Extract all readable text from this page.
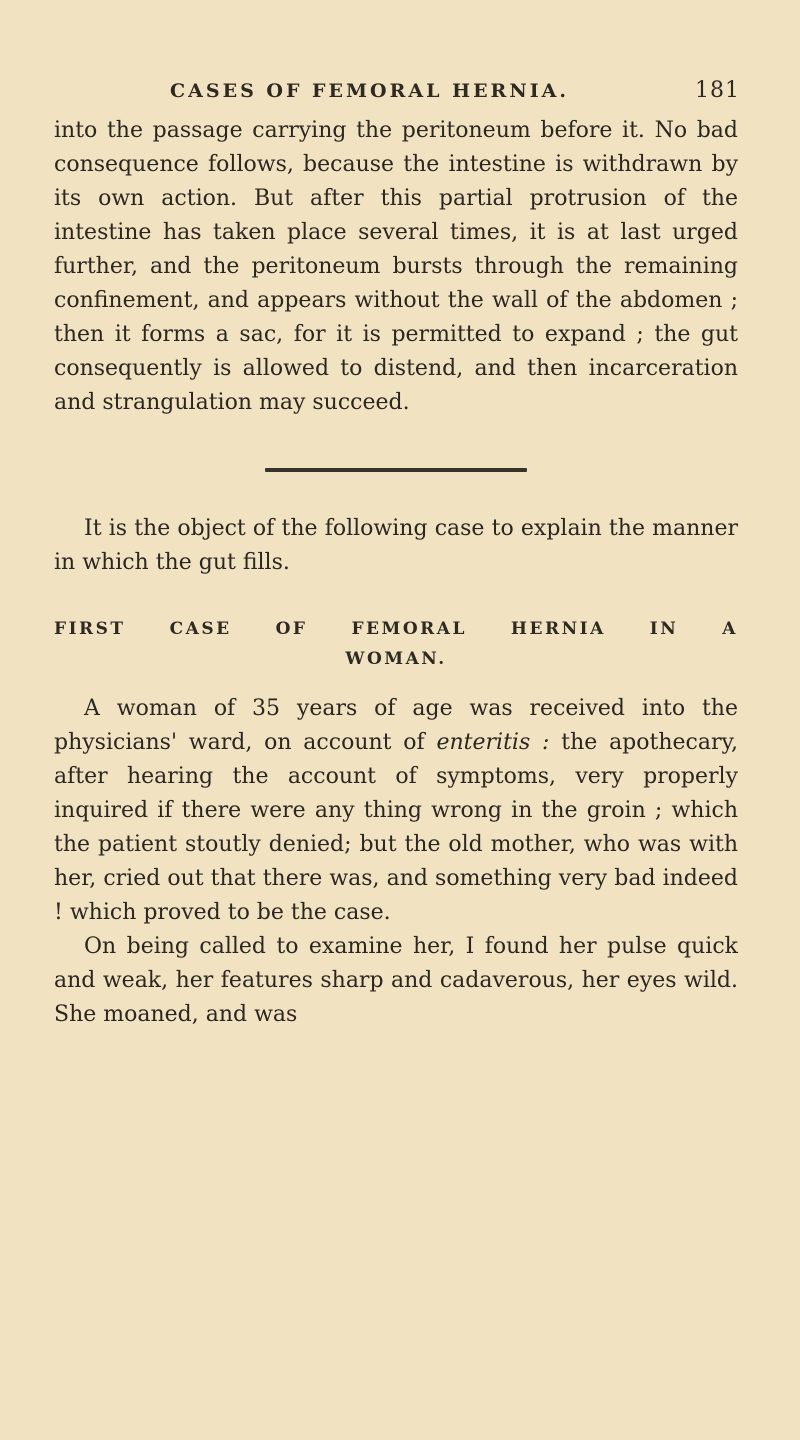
CASES OF FEMORAL HERNIA.	181

into the passage carrying the peritoneum before it. No bad consequence follows, because the intestine is withdrawn by its own action. But after this partial protrusion of the intestine has taken place several times, it is at last urged further, and the peritoneum bursts through the remaining confinement, and appears without the wall of the abdomen ; then it forms a sac, for it is permitted to expand ; the gut consequently is allowed to distend, and then incarceration and strangulation may succeed.

It is the object of the following case to explain the manner in which the gut fills.

FIRST CASE OF FEMORAL HERNIA IN A
WOMAN.

A woman of 35 years of age was received into the physicians' ward, on account of enteritis : the apothecary, after hearing the account of symptoms, very properly inquired if there were any thing wrong in the groin ; which the patient stoutly denied; but the old mother, who was with her, cried out that there was, and something very bad indeed ! which proved to be the case.

On being called to examine her, I found her pulse quick and weak, her features sharp and cadaverous, her eyes wild. She moaned, and was
